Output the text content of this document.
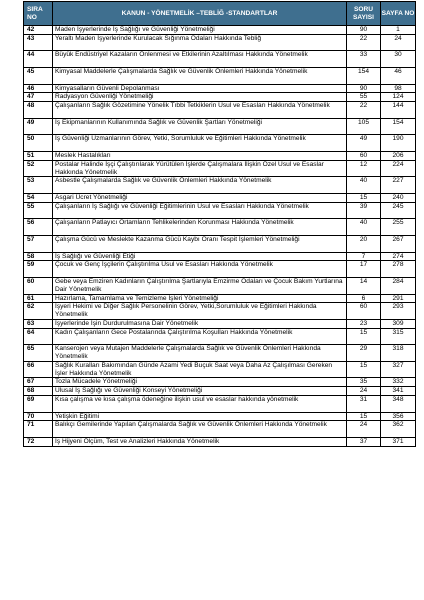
SIRA NO	KANUN - YÖNETMELİK –TEBLİĞ -STANDARTLAR	SORU SAYISI	SAYFA NO
42	Maden İşyerlerinde İş Sağlığı ve Güvenliği Yönetmeliği	90	1
43	Yeraltı Maden İşyerlerinde Kurulacak Sığınma Odaları Hakkında Tebliğ	22	24
44	Büyük Endüstriyel Kazaların Önlenmesi ve Etkilerinin Azaltılması Hakkında Yönetmelik	33	30
45	Kimyasal Maddelerle Çalışmalarda Sağlık ve Güvenlik Önlemleri Hakkında Yönetmelik	154	46
46	Kimyasalların Güvenli Depolanması	90	98
47	Radyasyon Güvenliği Yönetmeliği	55	124
48	Çalışanların Sağlık Gözetimine Yönelik Tıbbi Tetkiklerin Usul ve Esasları Hakkında Yönetmelik	22	144
49	İş Ekipmanlarının Kullanımında Sağlık ve Güvenlik Şartları Yönetmeliği	105	154
50	İş Güvenliği Uzmanlarının Görev, Yetki, Sorumluluk ve Eğitimleri Hakkında Yönetmelik	49	190
51	Meslek Hastalıkları	60	206
52	Postalar Halinde İşçi Çalıştırılarak Yürütülen İşlerde Çalışmalara İlişkin Özel Usul ve Esaslar Hakkında Yönetmelik	12	224
53	Asbestle Çalışmalarda Sağlık ve Güvenlik Önlemleri Hakkında Yönetmelik	40	227
54	Asgari Ücret Yönetmeliği	15	240
55	Çalışanların İş Sağlığı ve Güvenliği Eğitimlerinin Usul ve Esasları Hakkında Yönetmelik	39	245
56	Çalışanların Patlayıcı Ortamların Tehlikelerinden Korunması Hakkında Yönetmelik	40	255
57	Çalışma Gücü ve Meslekte Kazanma Gücü Kaybı Oranı Tespit İşlemleri Yönetmeliği	20	267
58	İş Sağlığı ve Güvenliği Etiği	7	274
59	Çocuk ve Genç İşçilerin Çalıştırılma Usul ve Esasları Hakkında Yönetmelik	17	278
60	Gebe veya Emziren Kadınların Çalıştırılma Şartlarıyla Emzirme Odaları ve Çocuk Bakım Yurtlarına Dair Yönetmelik	14	284
61	Hazırlama, Tamamlama ve Temizleme İşleri Yönetmeliği	6	291
62	İşyeri Hekimi ve Diğer Sağlık Personelinin Görev, Yetki,Sorumluluk ve Eğitimleri Hakkında Yönetmelik	60	293
63	İşyerlerinde İşin Durdurulmasına Dair Yönetmelik	23	309
64	Kadın Çalışanların Gece Postalarında Çalıştırılma Koşulları Hakkında Yönetmelik	15	315
65	Kanserojen veya Mutajen Maddelerle Çalışmalarda Sağlık ve Güvenlik Önlemleri Hakkında Yönetmelik	29	318
66	Sağlık Kuralları Bakımından Günde Azami Yedi Buçuk Saat veya Daha Az Çalışılması Gereken İşler Hakkında Yönetmelik	15	327
67	Tozla Mücadele Yönetmeliği	35	332
68	Ulusal İş Sağlığı ve Güvenliği Konseyi Yönetmeliği	24	341
69	Kısa çalışma ve kısa çalışma ödeneğine ilişkin usul ve esaslar hakkında yönetmelik	31	348
70	Yetişkin Eğitimi	15	356
71	Balıkçı Gemilerinde Yapılan Çalışmalarda Sağlık ve Güvenlik Önlemleri Hakkında Yönetmelik	24	362
72	İş Hijyeni Ölçüm, Test ve Analizleri Hakkında Yönetmelik	37	371
